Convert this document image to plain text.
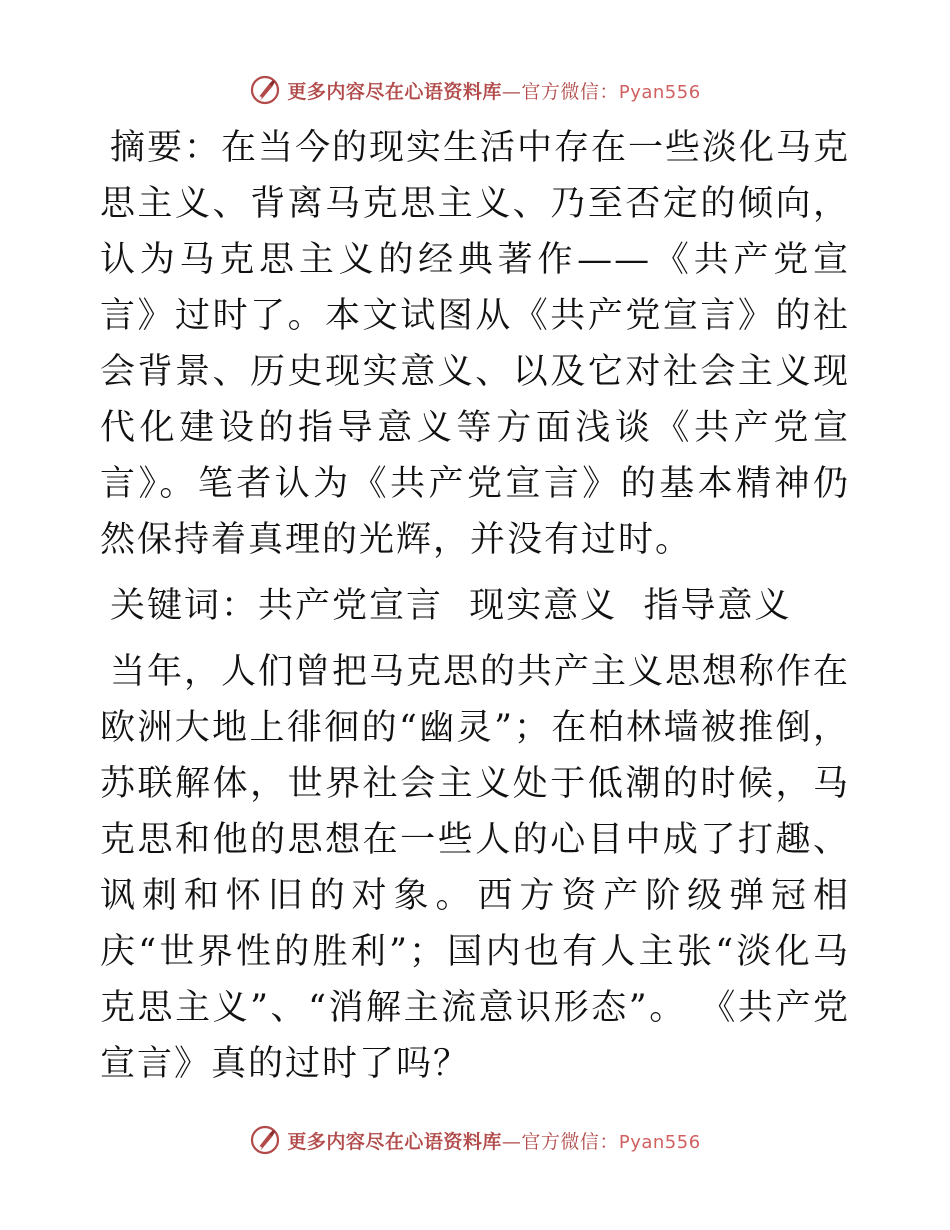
更多内容尽在心语资料库—官方微信：Pyan556

摘要：在当今的现实生活中存在一些淡化马克思主义、背离马克思主义、乃至否定的倾向，认为马克思主义的经典著作——《共产党宣言》过时了。本文试图从《共产党宣言》的社会背景、历史现实意义、以及它对社会主义现代化建设的指导意义等方面浅谈《共产党宣言》。笔者认为《共产党宣言》的基本精神仍然保持着真理的光辉，并没有过时。

关键词：共产党宣言  现实意义  指导意义

当年，人们曾把马克思的共产主义思想称作在欧洲大地上徘徊的“幽灵”；在柏林墙被推倒，苏联解体，世界社会主义处于低潮的时候，马克思和他的思想在一些人的心目中成了打趣、讽刺和怀旧的对象。西方资产阶级弹冠相庆“世界性的胜利”；国内也有人主张“淡化马克思主义”、“消解主流意识形态”。 《共产党宣言》真的过时了吗？

更多内容尽在心语资料库—官方微信：Pyan556
